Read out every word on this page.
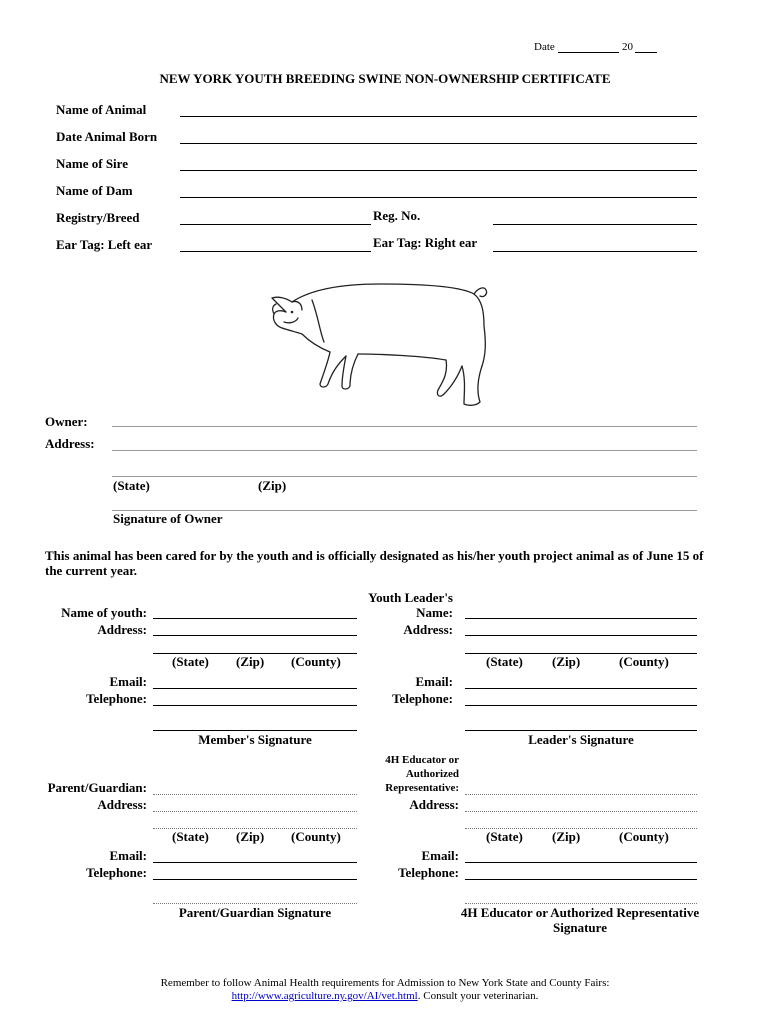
Date	20
NEW YORK YOUTH BREEDING SWINE NON-OWNERSHIP CERTIFICATE
Name of Animal
Date Animal Born
Name of Sire
Name of Dam
Registry/Breed	Reg. No.
Ear Tag: Left ear	Ear Tag: Right ear
Owner:
Address:
(State)	(Zip)
Signature of Owner
This animal has been cared for by the youth and is officially designated as his/her youth project animal as of June 15 of
the current year.
Name of youth:
Address:
(State) (Zip) (County)
Email:
Telephone:
Member's Signature
Youth Leader's
Name:
Address:
(State) (Zip)	(County)
Email:
Telephone:
Leader's Signature
Parent/Guardian:
Address:
(State) (Zip) (County)
Email:
Telephone:
Parent/Guardian Signature
4H Educator or
Authorized
Representative:
Address:
(State) (Zip)	(County)
Email:
Telephone:
4H Educator or Authorized Representative
Signature
Remember to follow Animal Health requirements for Admission to New York State and County Fairs:
http://www.agriculture.ny.gov/AI/vet.html. Consult your veterinarian.
